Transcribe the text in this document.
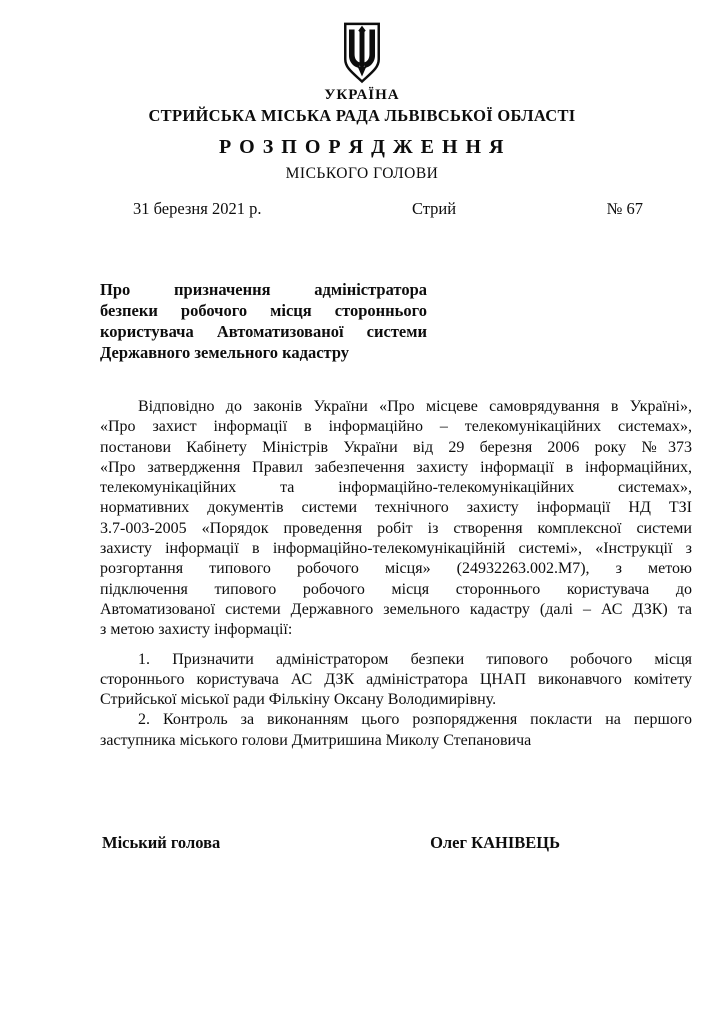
УКРАЇНА
СТРИЙСЬКА МІСЬКА РАДА ЛЬВІВСЬКОЇ ОБЛАСТІ
Р О З П О Р Я Д Ж Е Н Н Я
МІСЬКОГО ГОЛОВИ
31 березня 2021 р.	Стрий	№ 67
Про призначення адміністратора
безпеки робочого місця стороннього
користувача Автоматизованої системи
Державного земельного кадастру
Відповідно до законів України «Про місцеве самоврядування в Україні»,
«Про захист інформації в інформаційно – телекомунікаційних системах»,
постанови Кабінету Міністрів України від 29 березня 2006 року №373
«Про затвердження Правил забезпечення захисту інформації в інформаційних,
телекомунікаційних та інформаційно-телекомунікаційних системах»,
нормативних документів системи технічного захисту інформації НД ТЗІ
3.7-003-2005 «Порядок проведення робіт із створення комплексної системи
захисту інформації в інформаційно-телекомунікаційній системі», «Інструкції з
розгортання типового робочого місця» (24932263.002.М7), з метою
підключення типового робочого місця стороннього користувача до
Автоматизованої системи Державного земельного кадастру (далі – АС ДЗК) та
з метою захисту інформації:
1. Призначити адміністратором безпеки типового робочого місця
стороннього користувача АС ДЗК адміністратора ЦНАП виконавчого комітету
Стрийської міської ради Фількіну Оксану Володимирівну.
2. Контроль за виконанням цього розпорядження покласти на першого
заступника міського голови Дмитришина Миколу Степановича
Міський голова	Олег КАНІВЕЦЬ
